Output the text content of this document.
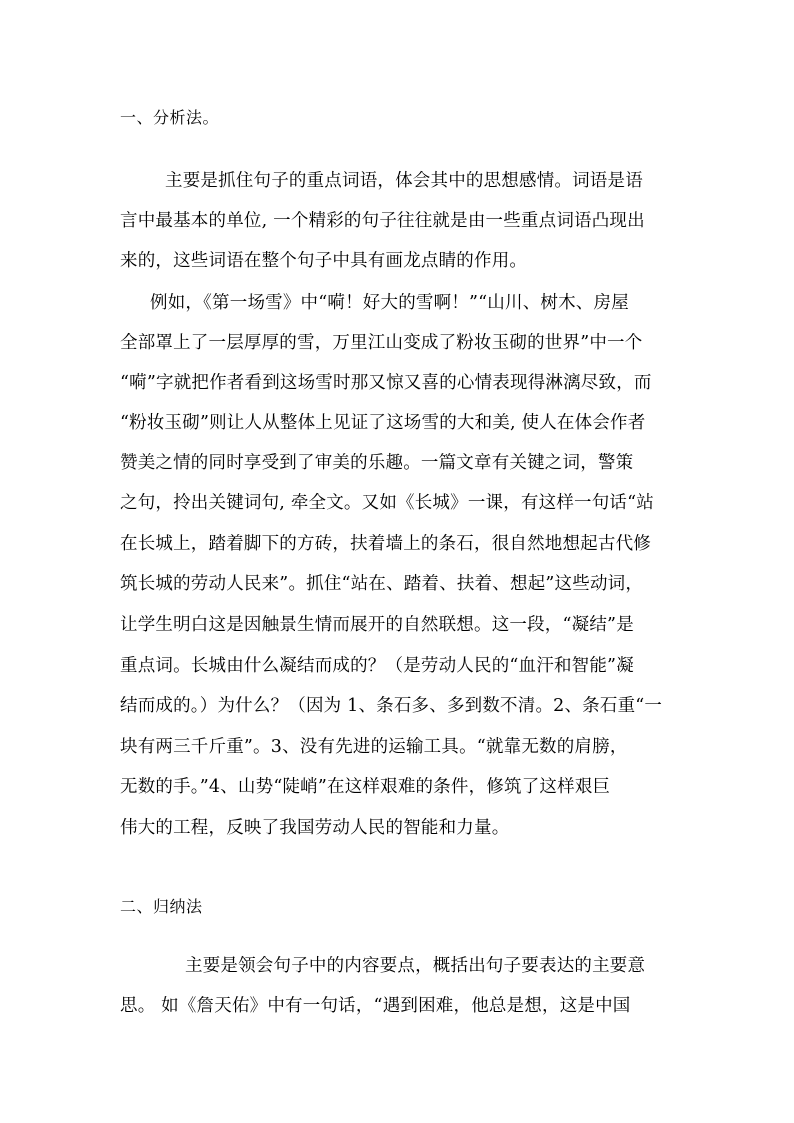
一、分析法。
主要是抓住句子的重点词语，体会其中的思想感情。词语是语
言中最基本的单位, 一个精彩的句子往往就是由一些重点词语凸现出
来的，这些词语在整个句子中具有画龙点睛的作用。
例如，《第一场雪》中“嗬！好大的雪啊！”“山川、树木、房屋
全部罩上了一层厚厚的雪，万里江山变成了粉妆玉砌的世界”中一个
“嗬”字就把作者看到这场雪时那又惊又喜的心情表现得淋漓尽致，而
“粉妆玉砌”则让人从整体上见证了这场雪的大和美, 使人在体会作者
赞美之情的同时享受到了审美的乐趣。一篇文章有关键之词，警策
之句，拎出关键词句, 牵全文。又如《长城》一课，有这样一句话“站
在长城上，踏着脚下的方砖，扶着墙上的条石，很自然地想起古代修
筑长城的劳动人民来”。抓住“站在、踏着、扶着、想起”这些动词，
让学生明白这是因触景生情而展开的自然联想。这一段，“凝结”是
重点词。长城由什么凝结而成的？（是劳动人民的“血汗和智能”凝
结而成的。）为什么？（因为 1、条石多、多到数不清。2、条石重“一
块有两三千斤重”。3、没有先进的运输工具。“就靠无数的肩膀，
无数的手。”4、山势“陡峭”在这样艰难的条件，修筑了这样艰巨
伟大的工程，反映了我国劳动人民的智能和力量。
二、归纳法
主要是领会句子中的内容要点，概括出句子要表达的主要意
思。 如《詹天佑》中有一句话，“遇到困难，他总是想，这是中国
